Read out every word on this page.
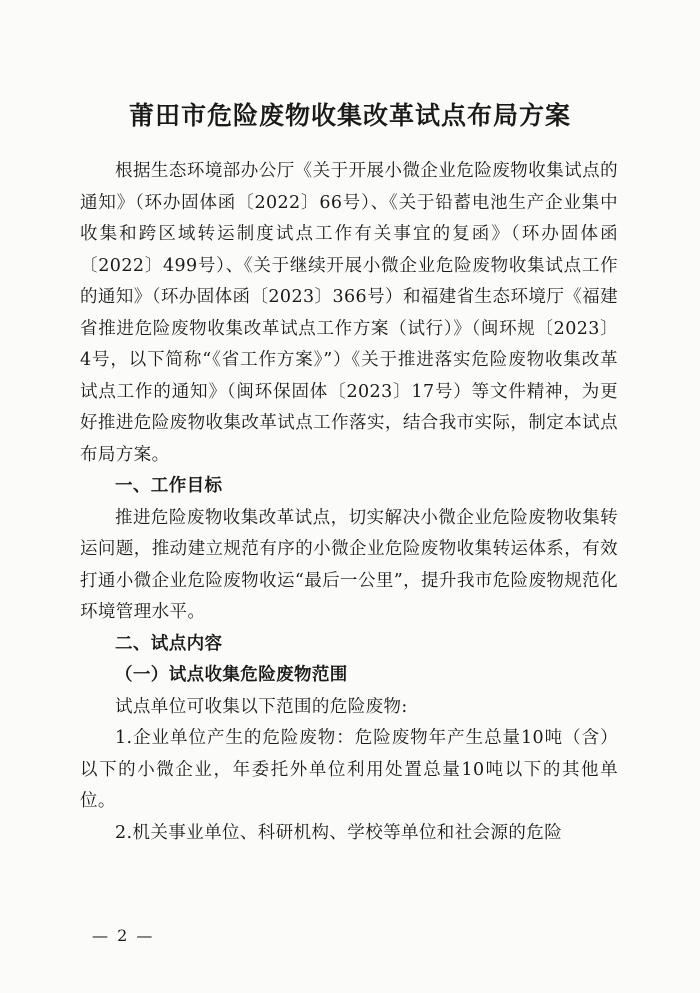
莆田市危险废物收集改革试点布局方案

根据生态环境部办公厅《关于开展小微企业危险废物收集试点的通知》（环办固体函〔2022〕66号）、《关于铅蓄电池生产企业集中收集和跨区域转运制度试点工作有关事宜的复函》（环办固体函〔2022〕499号）、《关于继续开展小微企业危险废物收集试点工作的通知》（环办固体函〔2023〕366号）和福建省生态环境厅《福建省推进危险废物收集改革试点工作方案（试行）》（闽环规〔2023〕4号，以下简称“《省工作方案》”）《关于推进落实危险废物收集改革试点工作的通知》（闽环保固体〔2023〕17号）等文件精神，为更好推进危险废物收集改革试点工作落实，结合我市实际，制定本试点布局方案。

一、工作目标

推进危险废物收集改革试点，切实解决小微企业危险废物收集转运问题，推动建立规范有序的小微企业危险废物收集转运体系，有效打通小微企业危险废物收运“最后一公里”，提升我市危险废物规范化环境管理水平。

二、试点内容
（一）试点收集危险废物范围

试点单位可收集以下范围的危险废物:

1.企业单位产生的危险废物：危险废物年产生总量10吨（含）以下的小微企业，年委托外单位利用处置总量10吨以下的其他单位。

2.机关事业单位、科研机构、学校等单位和社会源的危险

— 2 —
